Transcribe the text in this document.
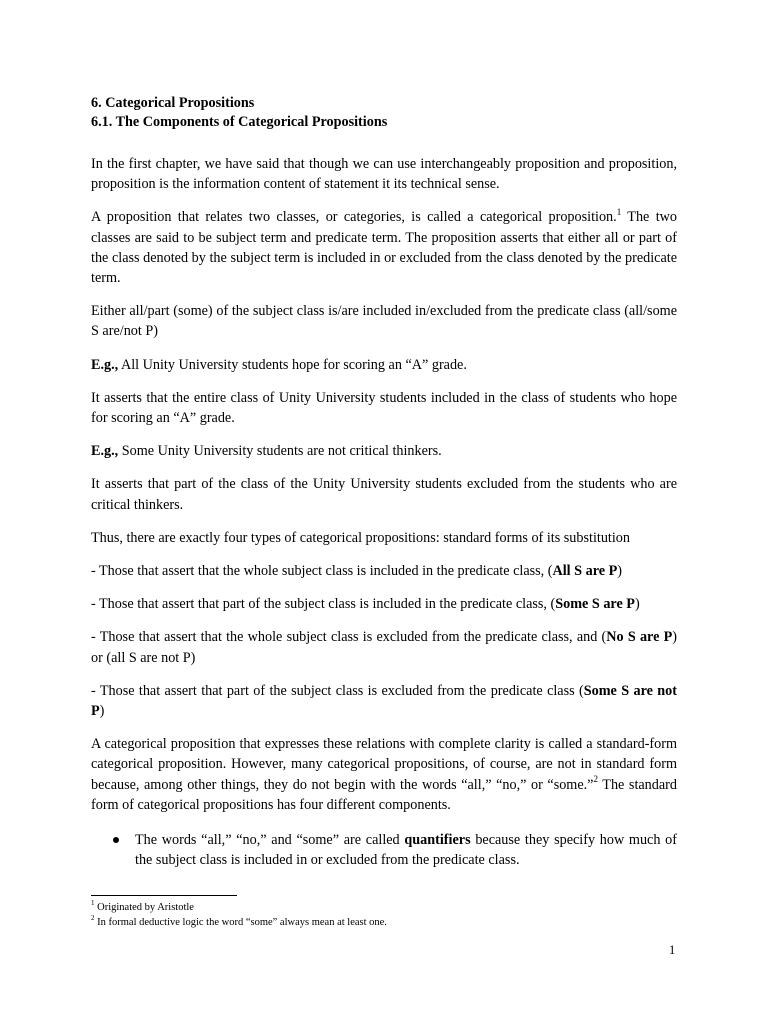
6. Categorical Propositions

6.1. The Components of Categorical Propositions

In the first chapter, we have said that though we can use interchangeably proposition and proposition, proposition is the information content of statement it its technical sense.

A proposition that relates two classes, or categories, is called a categorical proposition.$^1$ The two classes are said to be subject term and predicate term. The proposition asserts that either all or part of the class denoted by the subject term is included in or excluded from the class denoted by the predicate term.

Either all/part (some) of the subject class is/are included in/excluded from the predicate class (all/some S are/not P)

E.g., All Unity University students hope for scoring an “A” grade.

It asserts that the entire class of Unity University students included in the class of students who hope for scoring an “A” grade.

E.g., Some Unity University students are not critical thinkers.

It asserts that part of the class of the Unity University students excluded from the students who are critical thinkers.

Thus, there are exactly four types of categorical propositions: standard forms of its substitution

- Those that assert that the whole subject class is included in the predicate class, (All S are P)

- Those that assert that part of the subject class is included in the predicate class, (Some S are P)

- Those that assert that the whole subject class is excluded from the predicate class, and (No S are P) or (all S are not P)

- Those that assert that part of the subject class is excluded from the predicate class (Some S are not P)

A categorical proposition that expresses these relations with complete clarity is called a standard-form categorical proposition. However, many categorical propositions, of course, are not in standard form because, among other things, they do not begin with the words “all,” “no,” or “some.”$^2$ The standard form of categorical propositions has four different components.

The words “all,” “no,” and “some” are called quantifiers because they specify how much of the subject class is included in or excluded from the predicate class.

$^1$ Originated by Aristotle
$^2$ In formal deductive logic the word “some” always mean at least one.
1
